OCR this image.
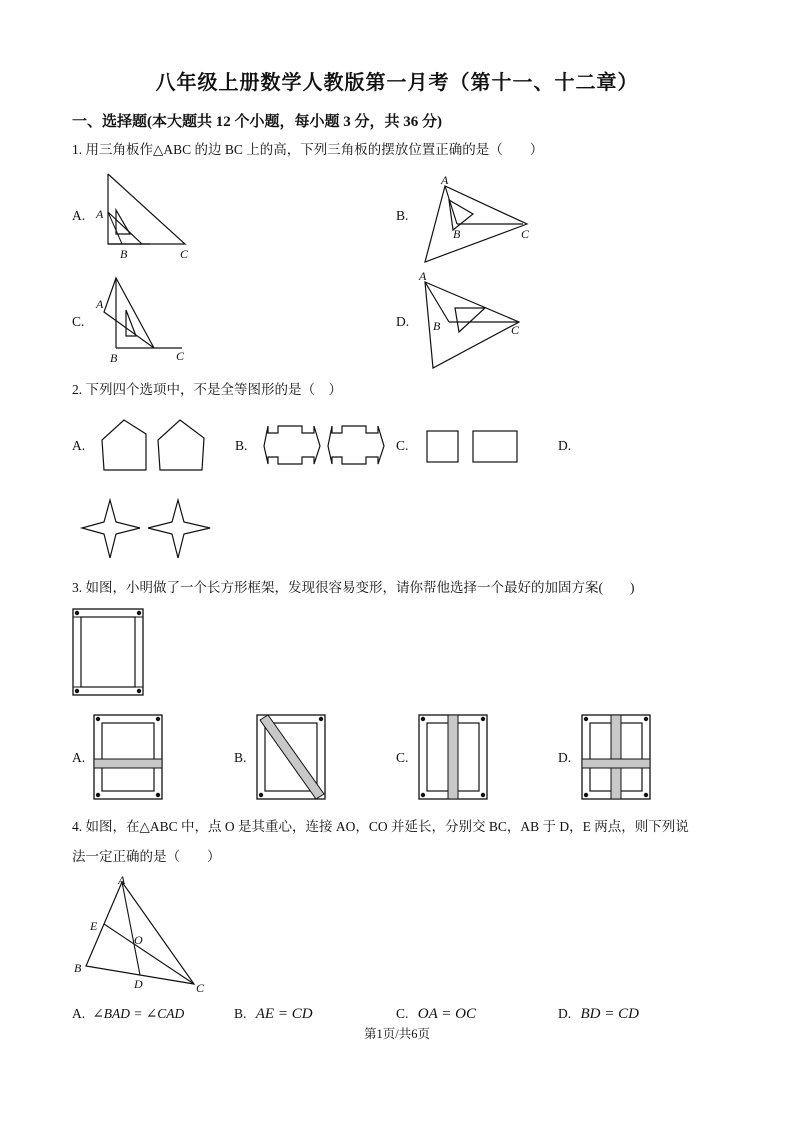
八年级上册数学人教版第一月考（第十一、十二章）
一、选择题(本大题共 12 个小题，每小题 3 分，共 36 分)
1. 用三角板作△ABC 的边 BC 上的高，下列三角板的摆放位置正确的是（　　）
A. A
B	C
B.
A
B	C
C.
A
B	C
D.
A
B	C
2. 下列四个选项中，不是全等图形的是（　）
A.	B.	C.	D.
3. 如图，小明做了一个长方形框架，发现很容易变形，请你帮他选择一个最好的加固方案(　　)
A.	B.	C.	D.
4. 如图，在△ABC 中，点 O 是其重心，连接 AO，CO 并延长，分别交 BC，AB 于 D，E 两点，则下列说
法一定正确的是（　　）
A
B
C
D
E
O
A. ∠BAD = ∠CAD	B. AE = CD	C. OA = OC	D. BD = CD
第1页/共6页
